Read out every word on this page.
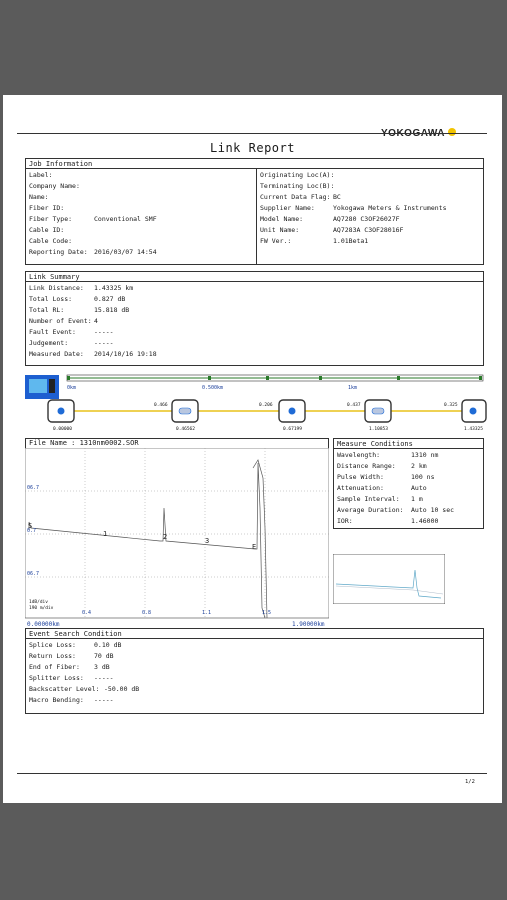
Link Report
Job Information
Label:
Company Name:
Name:
Fiber ID:
Fiber Type:	Conventional SMF
Cable ID:
Cable Code:
Reporting Date: 2016/03/07 14:54
Originating Loc(A):
Terminating Loc(B):
Current Data Flag: BC
Supplier Name:	Yokogawa Meters & Instruments
Model Name:	AQ7280 C3OF26027F
Unit Name:	AQ7283A C3OF28016F
FW Ver.:	1.01Beta1
Link Summary
Link Distance:	1.43325 km
Total Loss:	0.827 dB
Total RL:	15.818 dB
Number of Event: 4
Fault Event:	-----
Judgement:	-----
Measured Date:	2014/10/16 19:18
0km	0.500km	1km
0.466	0.206	0.437	0.325
0.00000	0.46562	0.67199	1.10853	1.43325
File Name : 1310nm0002.SOR
S
1	2	3
E
06.7
0.7
06.7
1dB/div
190 m/div
0.4	0.8	1.1	1.5
0.00000km	1.90000km
Measure Conditions
Wavelength:	1310 nm
Distance Range:	2 km
Pulse Width:	100 ns
Attenuation:	Auto
Sample Interval:	1 m
Average Duration:	Auto 10 sec
IOR:	1.46000
Event Search Condition
Splice Loss:	0.10 dB
Return Loss:	70 dB
End of Fiber:	3 dB
Splitter Loss:	-----
Backscatter Level: -50.00 dB
Macro Bending:	-----
1/2
